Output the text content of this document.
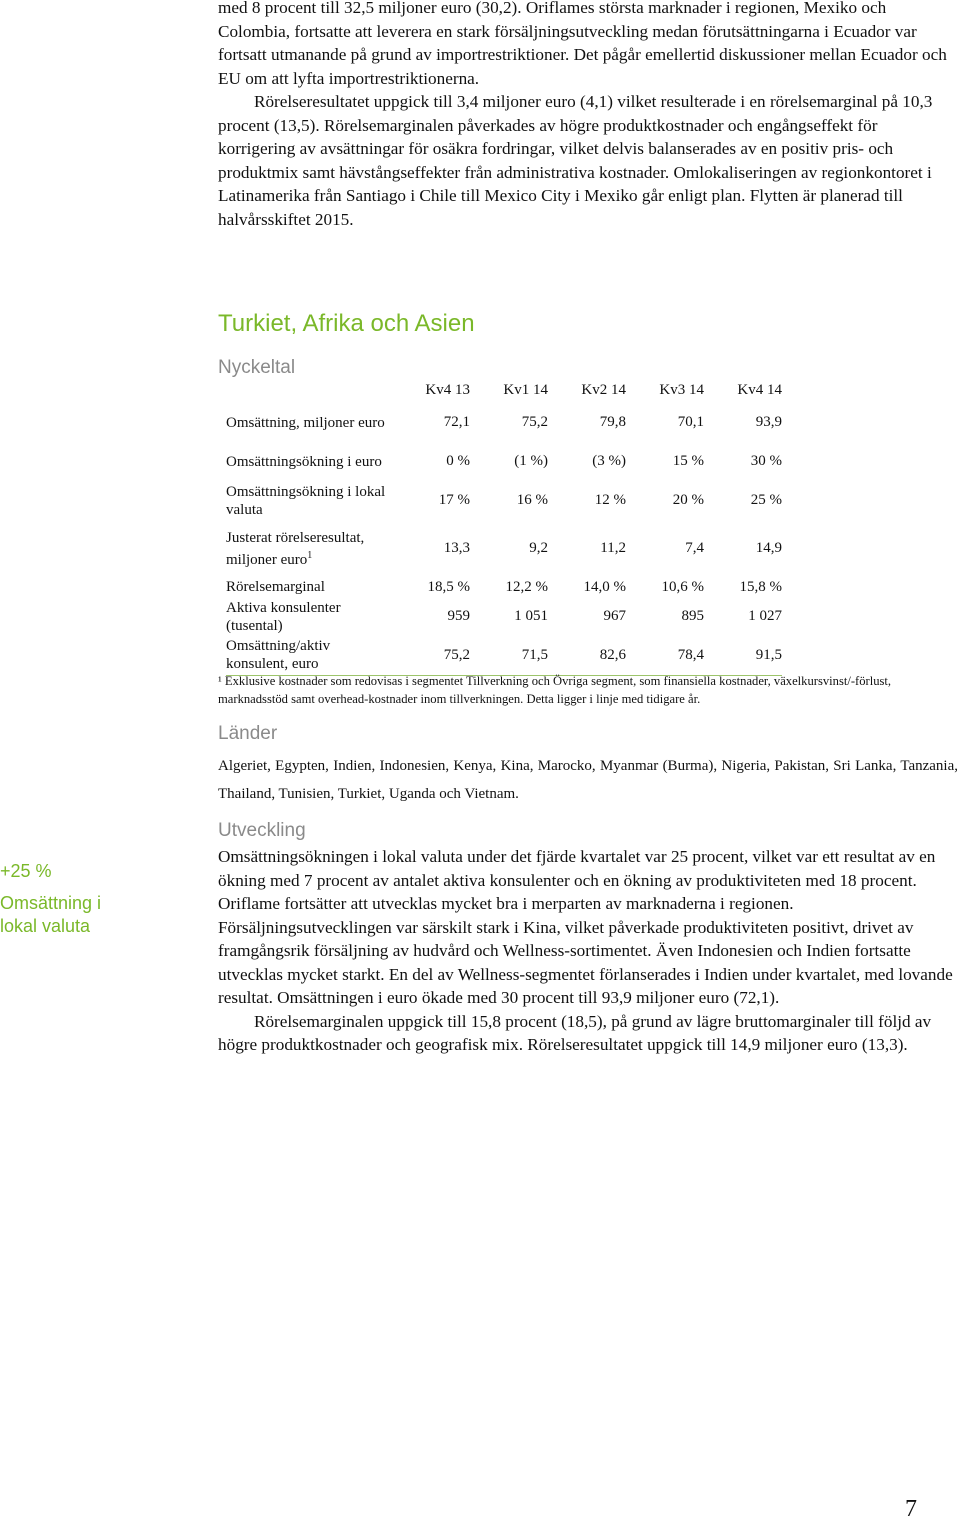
med 8 procent till 32,5 miljoner euro (30,2). Oriflames största marknader i regionen, Mexiko och Colombia, fortsatte att leverera en stark försäljningsutveckling medan förutsättningarna i Ecuador var fortsatt utmanande på grund av importrestriktioner. Det pågår emellertid diskussioner mellan Ecuador och EU om att lyfta importrestriktionerna.

Rörelseresultatet uppgick till 3,4 miljoner euro (4,1) vilket resulterade i en rörelsemarginal på 10,3 procent (13,5). Rörelsemarginalen påverkades av högre produktkostnader och engångseffekt för korrigering av avsättningar för osäkra fordringar, vilket delvis balanserades av en positiv pris- och produktmix samt hävstångseffekter från administrativa kostnader. Omlokaliseringen av regionkontoret i Latinamerika från Santiago i Chile till Mexico City i Mexiko går enligt plan. Flytten är planerad till halvårsskiftet 2015.

Turkiet, Afrika och Asien
Nyckeltal
	Kv4 13	Kv1 14	Kv2 14	Kv3 14	Kv4 14
Omsättning, miljoner euro	72,1	75,2	79,8	70,1	93,9
Omsättningsökning i euro	0 %	(1 %)	(3 %)	15 %	30 %
Omsättningsökning i lokal valuta	17 %	16 %	12 %	20 %	25 %
Justerat rörelseresultat, miljoner euro$^1$	13,3	9,2	11,2	7,4	14,9
Rörelsemarginal	18,5 %	12,2 %	14,0 %	10,6 %	15,8 %
Aktiva konsulenter (tusental)	959	1 051	967	895	1 027
Omsättning/aktiv konsulent, euro	75,2	71,5	82,6	78,4	91,5

¹ Exklusive kostnader som redovisas i segmentet Tillverkning och Övriga segment, som finansiella kostnader, växelkursvinst/-förlust, marknadsstöd samt overhead-kostnader inom tillverkningen. Detta ligger i linje med tidigare år.

Länder

Algeriet, Egypten, Indien, Indonesien, Kenya, Kina, Marocko, Myanmar (Burma), Nigeria, Pakistan, Sri Lanka, Tanzania, Thailand, Tunisien, Turkiet, Uganda och Vietnam.

Utveckling

Omsättningsökningen i lokal valuta under det fjärde kvartalet var 25 procent, vilket var ett resultat av en ökning med 7 procent av antalet aktiva konsulenter och en ökning av produktiviteten med 18 procent. Oriflame fortsätter att utvecklas mycket bra i merparten av marknaderna i regionen. Försäljningsutvecklingen var särskilt stark i Kina, vilket påverkade produktiviteten positivt, drivet av framgångsrik försäljning av hudvård och Wellness-sortimentet. Även Indonesien och Indien fortsatte utvecklas mycket starkt. En del av Wellness-segmentet förlanserades i Indien under kvartalet, med lovande resultat. Omsättningen i euro ökade med 30 procent till 93,9 miljoner euro (72,1).

Rörelsemarginalen uppgick till 15,8 procent (18,5), på grund av lägre bruttomarginaler till följd av högre produktkostnader och geografisk mix. Rörelseresultatet uppgick till 14,9 miljoner euro (13,3).

+25 %
Omsättning i
lokal valuta
7
